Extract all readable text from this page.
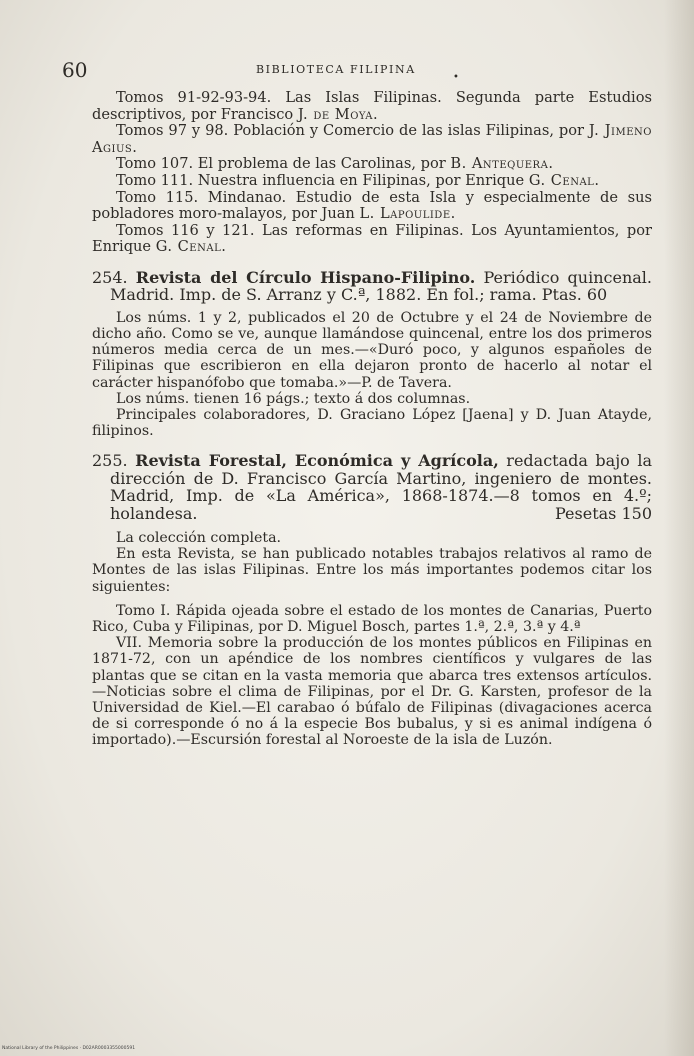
60	BIBLIOTECA FILIPINA
•

Tomos 91-92-93-94. Las Islas Filipinas. Segunda parte Estudios descriptivos, por Francisco J. de Moya.

Tomos 97 y 98. Población y Comercio de las islas Filipinas, por J. Jimeno Agius.

Tomo 107. El problema de las Carolinas, por B. Antequera.

Tomo 111. Nuestra influencia en Filipinas, por Enrique G. Cenal.

Tomo 115. Mindanao. Estudio de esta Isla y especialmente de sus pobladores moro-malayos, por Juan L. Lapoulide.

Tomos 116 y 121. Las reformas en Filipinas. Los Ayuntamientos, por Enrique G. Cenal.

254. Revista del Círculo Hispano-Filipino. Periódico quincenal. Madrid. Imp. de S. Arranz y C.ª, 1882. En fol.; rama. Ptas. 60

Los núms. 1 y 2, publicados el 20 de Octubre y el 24 de Noviembre de dicho año. Como se ve, aunque llamándose quincenal, entre los dos primeros números media cerca de un mes.—«Duró poco, y algunos españoles de Filipinas que escribieron en ella dejaron pronto de hacerlo al notar el carácter hispanófobo que tomaba.»—P. de Tavera.

Los núms. tienen 16 págs.; texto á dos columnas.

Principales colaboradores, D. Graciano López [Jaena] y D. Juan Atayde, filipinos.

255. Revista Forestal, Económica y Agrícola, redactada bajo la dirección de D. Francisco García Martino, ingeniero de montes. Madrid, Imp. de «La América», 1868-1874.—8 tomos en 4.º; holandesa.	Pesetas 150

La colección completa.

En esta Revista, se han publicado notables trabajos relativos al ramo de Montes de las islas Filipinas. Entre los más importantes podemos citar los siguientes:

Tomo I. Rápida ojeada sobre el estado de los montes de Canarias, Puerto Rico, Cuba y Filipinas, por D. Miguel Bosch, partes 1.ª, 2.ª, 3.ª y 4.ª

VII. Memoria sobre la producción de los montes públicos en Filipinas en 1871-72, con un apéndice de los nombres científicos y vulgares de las plantas que se citan en la vasta memoria que abarca tres extensos artículos.—Noticias sobre el clima de Filipinas, por el Dr. G. Karsten, profesor de la Universidad de Kiel.—El carabao ó búfalo de Filipinas (divagaciones acerca de si corresponde ó no á la especie Bos bubalus, y si es animal indígena ó importado).—Escursión forestal al Noroeste de la isla de Luzón.

National Library of the Philippines · D02AR0003355000591
